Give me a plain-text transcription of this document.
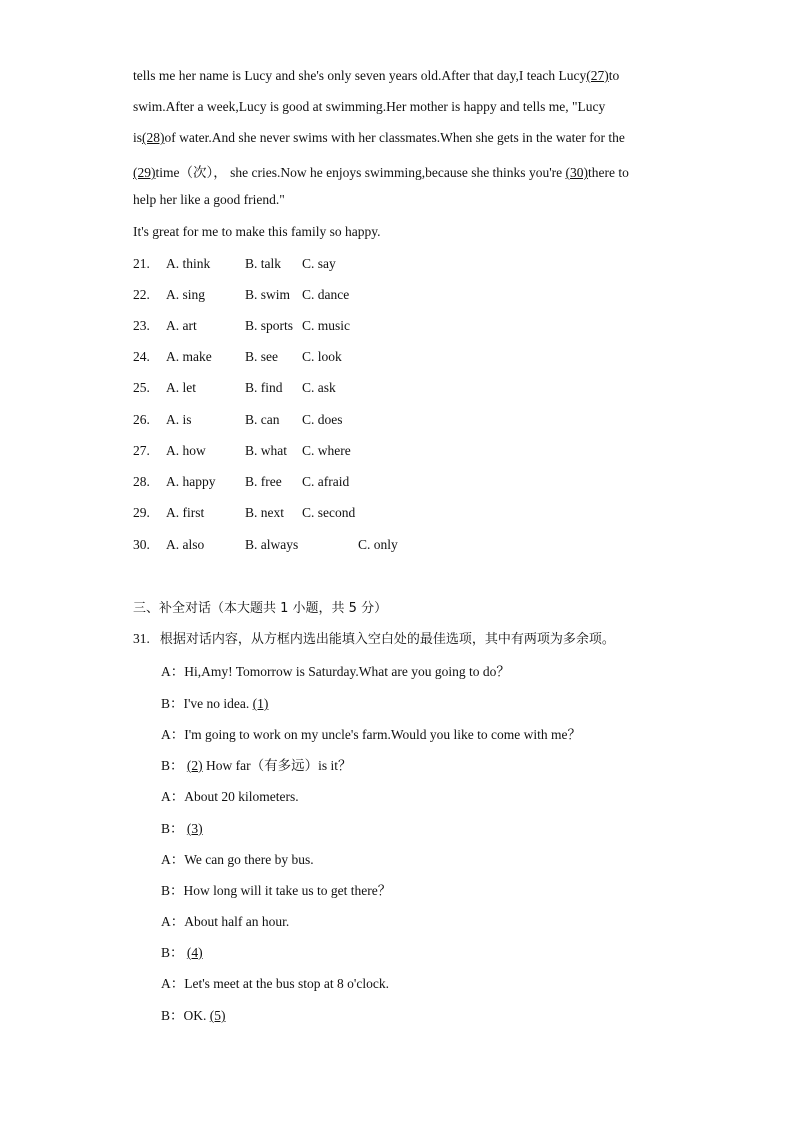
tells me her name is Lucy and she's only seven years old.After that day,I teach Lucy(27)to
swim.After a week,Lucy is good at swimming.Her mother is happy and tells me, "Lucy
is(28)of water.And she never swims with her classmates.When she gets in the water for the
(29)time（次）， she cries.Now he enjoys swimming,because she thinks you're (30)there to
help her like a good friend."
It's great for me to make this family so happy.
21. A. think	B. talk C. say
22. A. sing	B. swim C. dance
23. A. art	B. sports C. music
24. A. make B. see C. look
25. A. let	B. find C. ask
26. A. is	B. can C. does
27. A. how	B. what C. where
28. A. happy B. free C. afraid
29. A. first	B. next C. second
30. A. also	B. always	C. only
三、补全对话（本大题共 1 小题，共 5 分）
31. 根据对话内容，从方框内选出能填入空白处的最佳选项，其中有两项为多余项。
A：Hi,Amy! Tomorrow is Saturday.What are you going to do？
B：I've no idea. (1)
A：I'm going to work on my uncle's farm.Would you like to come with me？
B： (2) How far（有多远）is it？
A：About 20 kilometers.
B： (3)
A：We can go there by bus.
B：How long will it take us to get there？
A：About half an hour.
B： (4)
A：Let's meet at the bus stop at 8 o'clock.
B：OK. (5)
